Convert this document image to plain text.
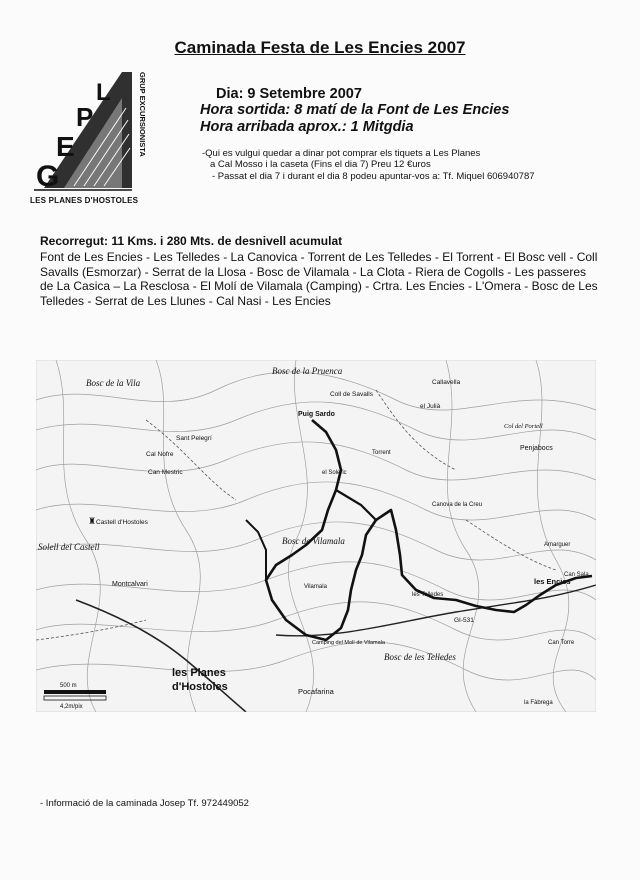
Caminada Festa de Les Encies 2007
G
E
P
L	GRUP EXCURSIONISTA
LES PLANES D'HOSTOLES
Dia: 9 Setembre 2007
Hora sortida: 8 matí de la Font de Les Encies
Hora arribada aprox.: 1 Mitgdia
-Qui es vulgui quedar a dinar pot comprar els tiquets a Les Planes
a Cal Mosso i la caseta (Fins el dia 7) Preu 12 €uros
- Passat el dia 7 i durant el dia 8 podeu apuntar-vos a: Tf. Miquel 606940787
Recorregut: 11 Kms. i 280 Mts. de desnivell acumulat
Font de Les Encies - Les Telledes - La Canovica - Torrent de Les Telledes - El Torrent - El Bosc vell - Coll Savalls (Esmorzar) - Serrat de la Llosa - Bosc de Vilamala - La Clota - Riera de Cogolls - Les passeres de La Casica – La Resclosa - El Molí de Vilamala (Camping) - Crtra. Les Encies - L'Omera - Bosc de Les Telledes - Serrat de Les Llunes - Cal Nasi - Les Encies
Bosc de la Vila
Bosc de la Pruenca
Coll de Savalls
Puig Sardo
Callavella
el Julià
Col del Portell
Penjabocs
Cal Nofre
Can Mestric
Sant Pelegrí
Castell d'Hostoles
Solell del Castell
Bosc de Vilamala
Montcalvari	Vilamala
les Encies
les Telledes
Bosc de les Telledes
les Planes
d'Hostoles	Pocafarina
Torrent
el Soleric
Camping del Molí de Vilamala
Canova de la Creu
Amarguer
Can Sala
la Fàbrega
Can Torre
GI-531
500 m
4,2m/pix
♜
- Informació de la caminada Josep Tf. 972449052
